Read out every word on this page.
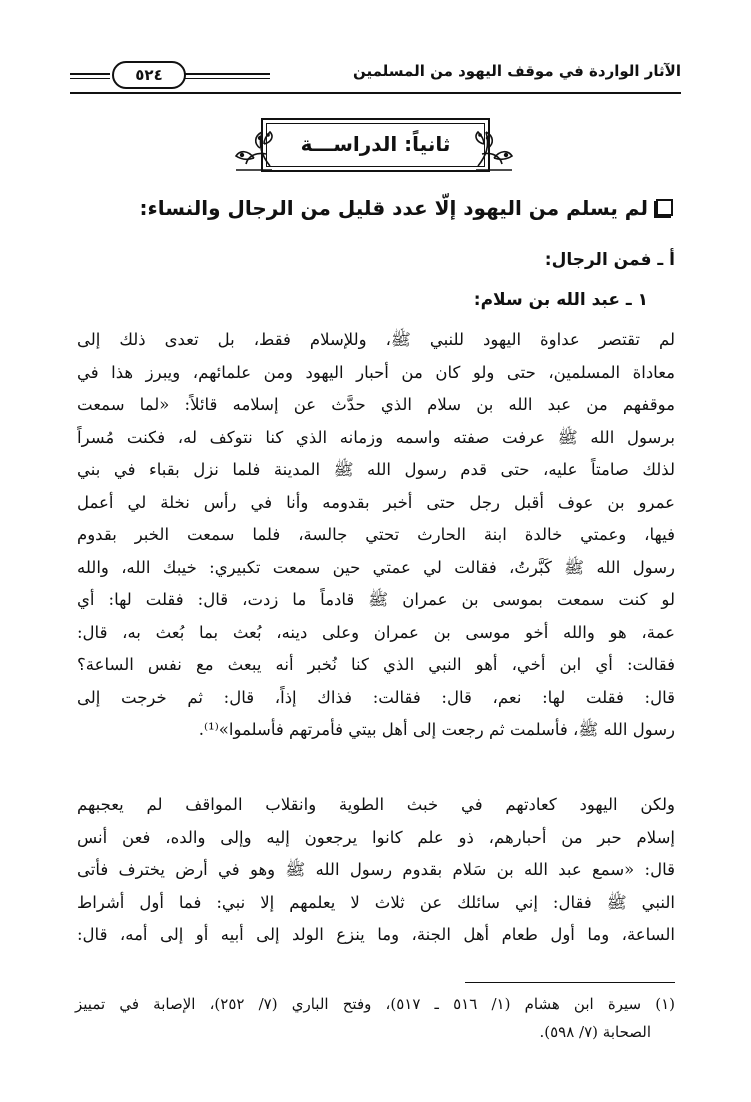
الآثار الواردة في موقف اليهود من المسلمين
٥٢٤
ثانياً: الدراســـة
لم يسلم من اليهود إلّا عدد قليل من الرجال والنساء:
أ ـ فمن الرجال:
١ ـ عبد الله بن سلام:
لم تقتصر عداوة اليهود للنبي ﷺ، وللإسلام فقط، بل تعدى ذلك إلى
معاداة المسلمين، حتى ولو كان من أحبار اليهود ومن علمائهم، ويبرز هذا في
موقفهم من عبد الله بن سلام الذي حدَّث عن إسلامه قائلاً: «لما سمعت
برسول الله ﷺ عرفت صفته واسمه وزمانه الذي كنا نتوكف له، فكنت مُسراً
لذلك صامتاً عليه، حتى قدم رسول الله ﷺ المدينة فلما نزل بقباء في بني
عمرو بن عوف أقبل رجل حتى أخبر بقدومه وأنا في رأس نخلة لي أعمل
فيها، وعمتي خالدة ابنة الحارث تحتي جالسة، فلما سمعت الخبر بقدوم
رسول الله ﷺ كَبَّرتُ، فقالت لي عمتي حين سمعت تكبيري: خيبك الله، والله
لو كنت سمعت بموسى بن عمران ﷺ قادماً ما زدت، قال: فقلت لها: أي
عمة، هو والله أخو موسى بن عمران وعلى دينه، بُعث بما بُعث به، قال:
فقالت: أي ابن أخي، أهو النبي الذي كنا نُخبر أنه يبعث مع نفس الساعة؟
قال: فقلت لها: نعم، قال: فقالت: فذاك إذاً، قال: ثم خرجت إلى
رسول الله ﷺ، فأسلمت ثم رجعت إلى أهل بيتي فأمرتهم فأسلموا»⁽¹⁾.
ولكن اليهود كعادتهم في خبث الطوية وانقلاب المواقف لم يعجبهم
إسلام حبر من أحبارهم، ذو علم كانوا يرجعون إليه وإلى والده، فعن أنس
قال: «سمع عبد الله بن سَلام بقدوم رسول الله ﷺ وهو في أرض يخترف فأتى
النبي ﷺ فقال: إني سائلك عن ثلاث لا يعلمهم إلا نبي: فما أول أشراط
الساعة، وما أول طعام أهل الجنة، وما ينزع الولد إلى أبيه أو إلى أمه، قال:
(١) سيرة ابن هشام (١/ ٥١٦ ـ ٥١٧)، وفتح الباري (٧/ ٢٥٢)، الإصابة في تمييز
الصحابة (٧/ ٥٩٨).
